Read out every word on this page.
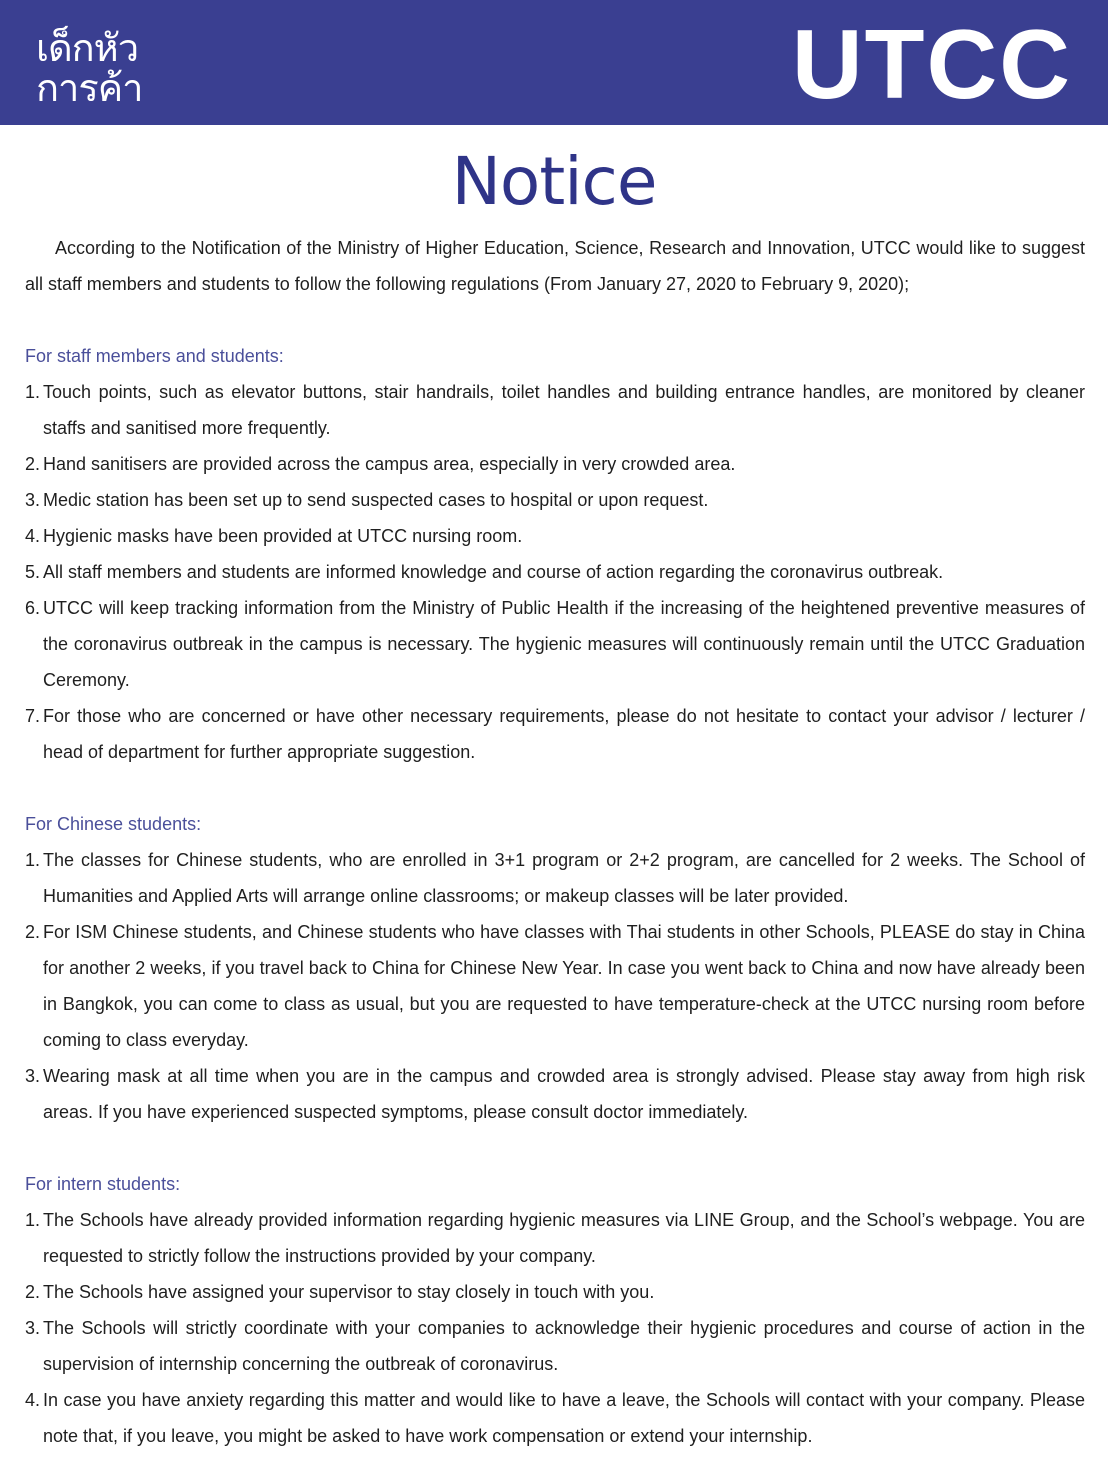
เด็กหัว
การค้า	UTCC
Notice

According to the Notification of the Ministry of Higher Education, Science, Research and Innovation, UTCC would like to suggest all staff members and students to follow the following regulations (From January 27, 2020 to February 9, 2020);

For staff members and students:
1. Touch points, such as elevator buttons, stair handrails, toilet handles and building entrance handles, are monitored by cleaner staffs and sanitised more frequently.
2. Hand sanitisers are provided across the campus area, especially in very crowded area.
3. Medic station has been set up to send suspected cases to hospital or upon request.
4. Hygienic masks have been provided at UTCC nursing room.
5. All staff members and students are informed knowledge and course of action regarding the coronavirus outbreak.
6. UTCC will keep tracking information from the Ministry of Public Health if the increasing of the heightened preventive measures of the coronavirus outbreak in the campus is necessary. The hygienic measures will continuously remain until the UTCC Graduation Ceremony.
7. For those who are concerned or have other necessary requirements, please do not hesitate to contact your advisor / lecturer / head of department for further appropriate suggestion.
For Chinese students:
1. The classes for Chinese students, who are enrolled in 3+1 program or 2+2 program, are cancelled for 2 weeks. The School of Humanities and Applied Arts will arrange online classrooms; or makeup classes will be later provided.
2. For ISM Chinese students, and Chinese students who have classes with Thai students in other Schools, PLEASE do stay in China for another 2 weeks, if you travel back to China for Chinese New Year. In case you went back to China and now have already been in Bangkok, you can come to class as usual, but you are requested to have temperature-check at the UTCC nursing room before coming to class everyday.
3. Wearing mask at all time when you are in the campus and crowded area is strongly advised. Please stay away from high risk areas. If you have experienced suspected symptoms, please consult doctor immediately.
For intern students:
1. The Schools have already provided information regarding hygienic measures via LINE Group, and the School’s webpage. You are requested to strictly follow the instructions provided by your company.
2. The Schools have assigned your supervisor to stay closely in touch with you.
3. The Schools will strictly coordinate with your companies to acknowledge their hygienic procedures and course of action in the supervision of internship concerning the outbreak of coronavirus.
4. In case you have anxiety regarding this matter and would like to have a leave, the Schools will contact with your company. Please note that, if you leave, you might be asked to have work compensation or extend your internship.
